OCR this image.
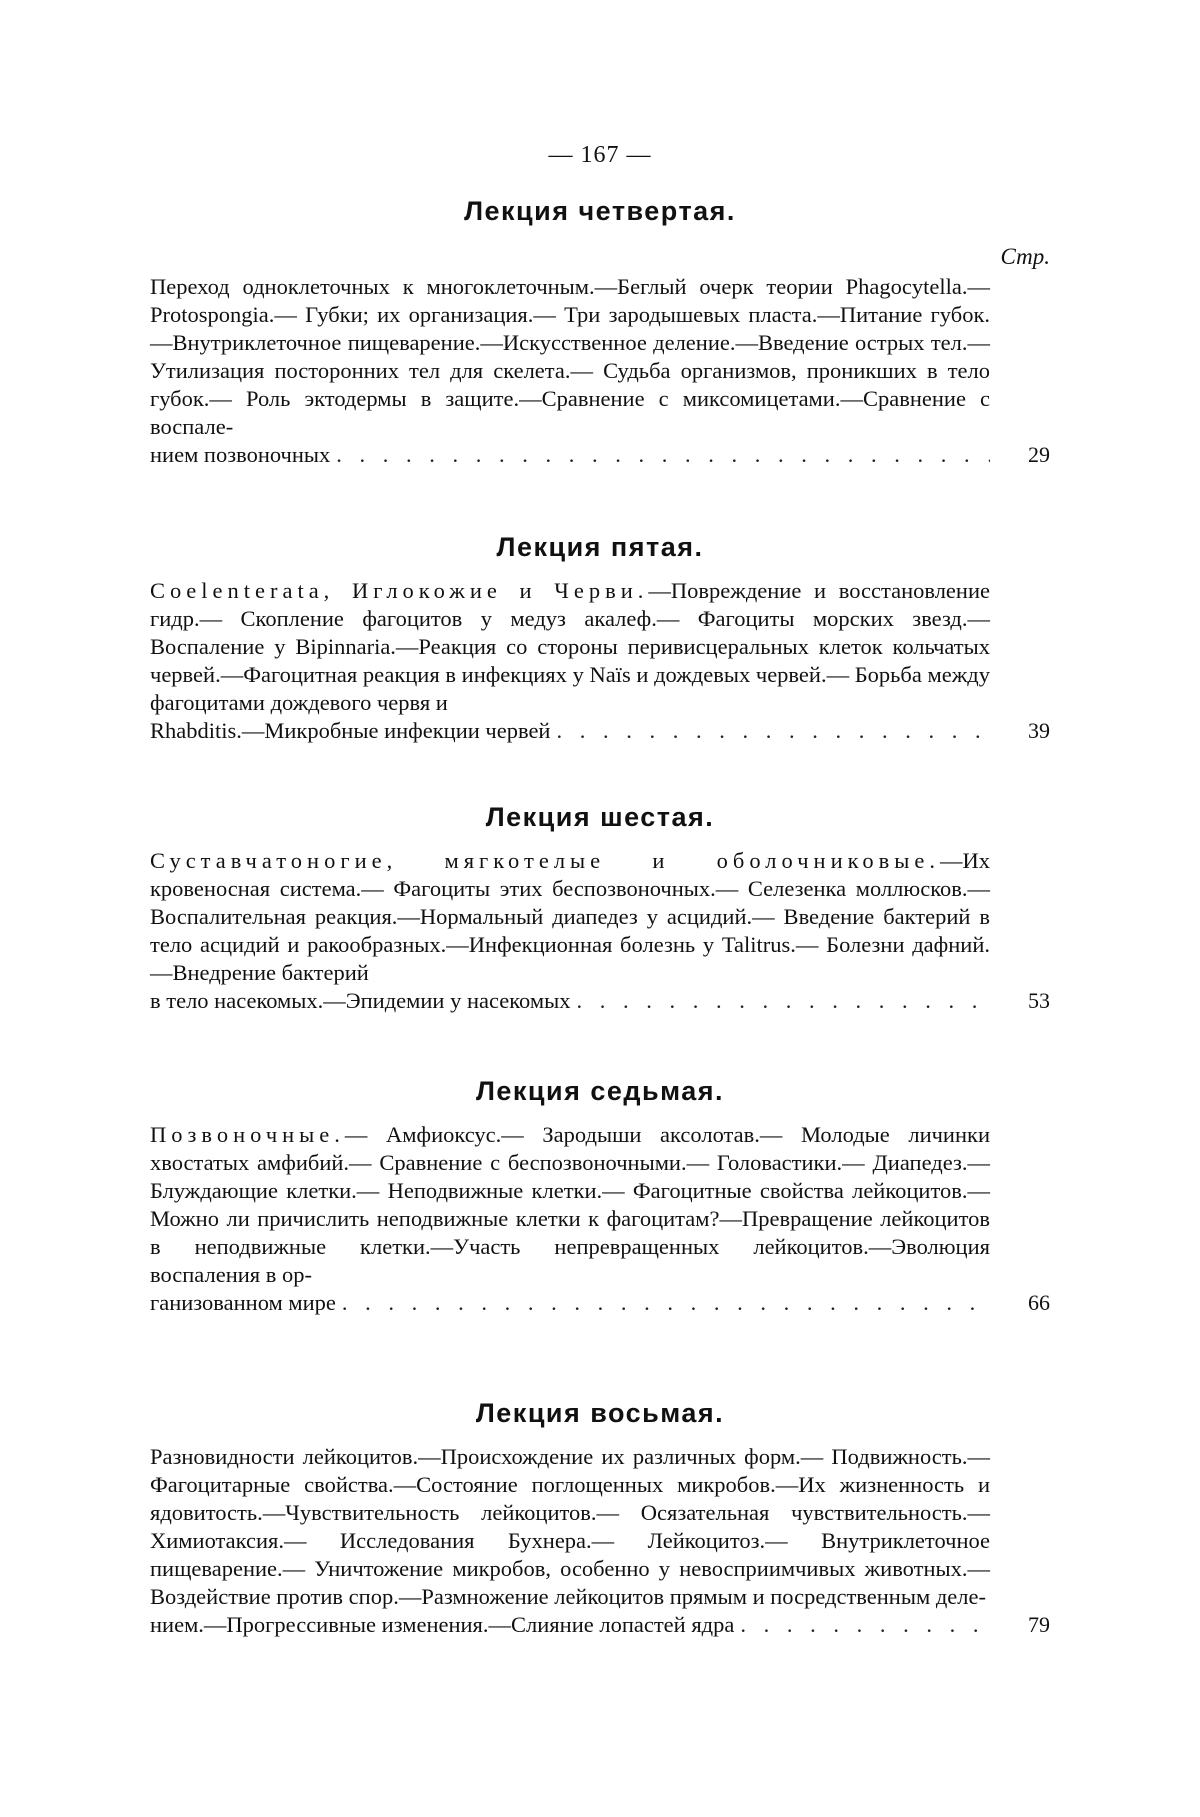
— 167 —
Лекция четвертая.
Стр.
Переход одноклеточных к многоклеточным.—Беглый очерк теории Phagocytella.— Protospongia.— Губки; их организация.— Три зародышевых пласта.—Питание губок.—Внутриклеточное пищеварение.—Искусственное деление.—Введение острых тел.—Утилизация посторонних тел для скелета.— Судьба организмов, проникших в тело губок.— Роль эктодермы в защите.—Сравнение с миксомицетами.—Сравнение с воспале-
нием позвоночных . . .	29
Лекция пятая.
Coelenterata, Иглокожие и Черви.—Повреждение и восстановление гидр.— Скопление фагоцитов у медуз акалеф.— Фагоциты морских звезд.— Воспаление у Bipinnaria.—Реакция со стороны перивисцеральных клеток кольчатых червей.—Фагоцитная реакция в инфекциях у Naïs и дождевых червей.— Борьба между фагоцитами дождевого червя и
Rhabditis.—Микробные инфекции червей . . .	39
Лекция шестая.
Суставчатоногие, мягкотелые и оболочниковые.—Их кровеносная система.— Фагоциты этих беспозвоночных.— Селезенка моллюсков.—Воспалительная реакция.—Нормальный диапедез у асцидий.— Введение бактерий в тело асцидий и ракообразных.—Инфекционная болезнь у Talitrus.— Болезни дафний.—Внедрение бактерий
в тело насекомых.—Эпидемии у насекомых . . .	53
Лекция седьмая.
Позвоночные.— Амфиоксус.— Зародыши аксолотав.— Молодые личинки хвостатых амфибий.— Сравнение с беспозвоночными.— Головастики.— Диапедез.— Блуждающие клетки.— Неподвижные клетки.— Фагоцитные свойства лейкоцитов.—Можно ли причислить неподвижные клетки к фагоцитам?—Превращение лейкоцитов в неподвижные клетки.—Участь непревращенных лейкоцитов.—Эволюция воспаления в ор-
ганизованном мире . . .	66
Лекция восьмая.
Разновидности лейкоцитов.—Происхождение их различных форм.— Подвижность.—Фагоцитарные свойства.—Состояние поглощенных микробов.—Их жизненность и ядовитость.—Чувствительность лейкоцитов.— Осязательная чувствительность.—Химиотаксия.— Исследования Бухнера.— Лейкоцитоз.— Внутриклеточное пищеварение.— Уничтожение микробов, особенно у невосприимчивых животных.—Воздействие против спор.—Размножение лейкоцитов прямым и посредственным деле-
нием.—Прогрессивные изменения.—Слияние лопастей ядра . . .	79
